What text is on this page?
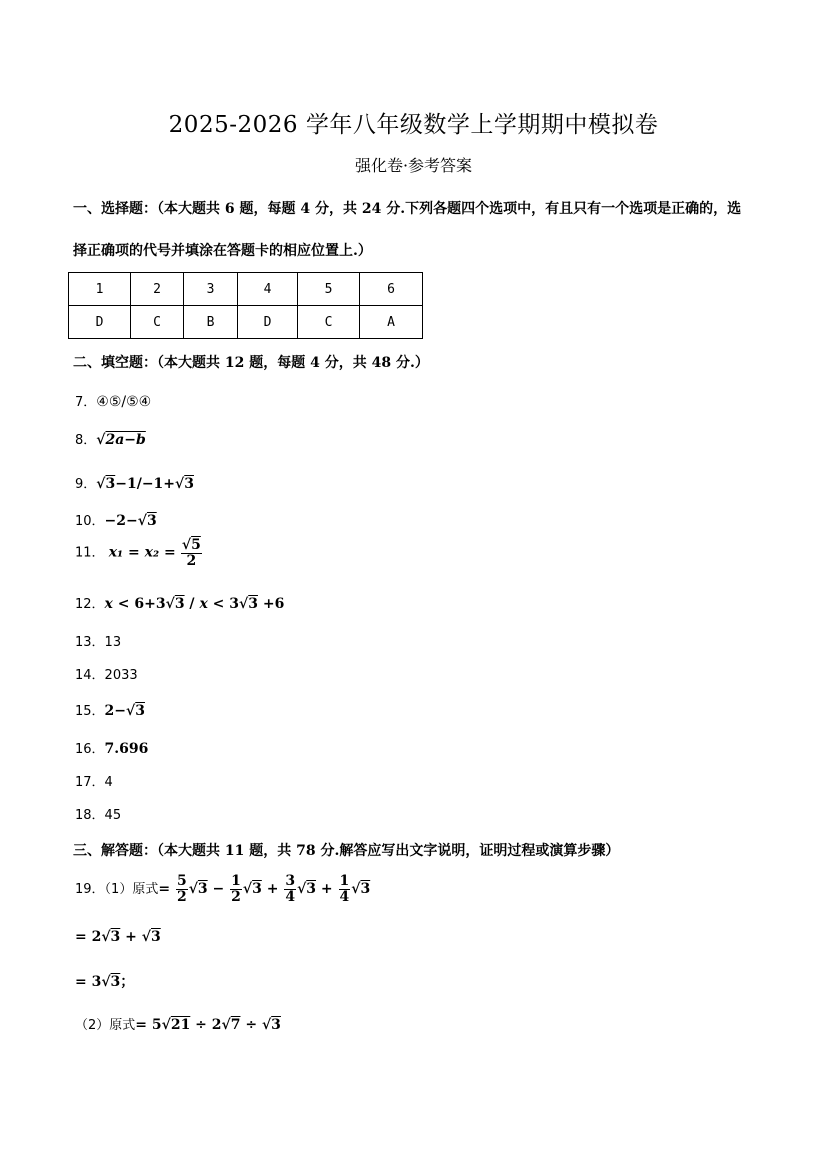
2025-2026 学年八年级数学上学期期中模拟卷
强化卷·参考答案
一、选择题：（本大题共 6 题，每题 4 分，共 24 分.下列各题四个选项中，有且只有一个选项是正确的，选
择正确项的代号并填涂在答题卡的相应位置上.）
1	2	3	4	5	6
D	C	B	D	C	A
二、填空题：（本大题共 12 题，每题 4 分，共 48 分.）
7．④⑤/⑤④
8．√2a−b
9．√3−1/−1+√3
10．−2−√3
11． $x_1 = x_2 = \frac{√5}{2}$
12．x < 6+3√3 / x < 3√3 +6
13．13
14．2033
15．2−√3
16．7.696
17．4
18．45
三、解答题：（本大题共 11 题，共 78 分.解答应写出文字说明，证明过程或演算步骤）
19．（1）原式= $\frac{5}{2} √3 - \frac{1}{2} √3 + \frac{3}{4} √3 + \frac{1}{4} √3$
= 2√3 + √3
= 3√3；
（2）原式= 5√21 ÷ 2√7 ÷ √3
